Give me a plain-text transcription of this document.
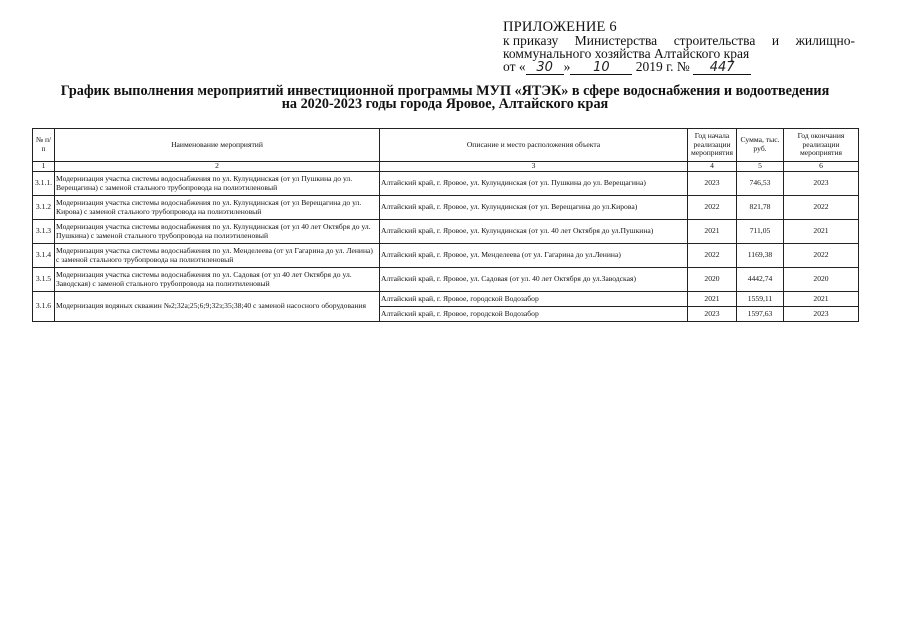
ПРИЛОЖЕНИЕ 6
к приказу Министерства строительства и жилищно-
коммунального хозяйства Алтайского края
от « 30 » 10 2019 г. № 447
График выполнения мероприятий инвестиционной программы МУП «ЯТЭК» в сфере водоснабжения и водоотведения
на 2020-2023 годы города Яровое, Алтайского края
№ п/п	Наименование мероприятий	Описание и место расположения объекта	Год начала реализации мероприятия	Сумма, тыс. руб.	Год окончания реализации мероприятия
1	2	3	4	5	6
3.1.1.	Модернизация участка системы водоснабжения по ул. Кулундинская (от ул Пушкина до ул. Верещагина) с заменой стального трубопровода на полиэтиленовый	Алтайский край, г. Яровое, ул. Кулундинская (от ул. Пушкина до ул. Верещагина)	2023	746,53	2023
3.1.2	Модернизация участка системы водоснабжения по ул. Кулундинская (от ул Верещагина до ул. Кирова) с заменой стального трубопровода на полиэтиленовый	Алтайский край, г. Яровое, ул. Кулундинская (от ул. Верещагина до ул.Кирова)	2022	821,78	2022
3.1.3	Модернизация участка системы водоснабжения по ул. Кулундинская (от ул 40 лет Октября до ул. Пушкина) с заменой стального трубопровода на полиэтиленовый	Алтайский край, г. Яровое, ул. Кулундинская (от ул. 40 лет Октября до ул.Пушкина)	2021	711,05	2021
3.1.4	Модернизация участка системы водоснабжения по ул. Менделеева (от ул Гагарина до ул. Ленина) с заменой стального трубопровода на полиэтиленовый	Алтайский край, г. Яровое, ул. Менделеева (от ул. Гагарина до ул.Ленина)	2022	1169,38	2022
3.1.5	Модернизация участка системы водоснабжения по ул. Садовая (от ул 40 лет Октября до ул. Заводская) с заменой стального трубопровода на полиэтиленовый	Алтайский край, г. Яровое, ул. Садовая (от ул. 40 лет Октября до ул.Заводская)	2020	4442,74	2020
3.1.6	Модернизация водяных скважин №2;32а;25;6;9;32з;35;38;40 с заменой насосного оборудования	Алтайский край, г. Яровое, городской Водозабор	2021	1559,11	2021
		Алтайский край, г. Яровое, городской Водозабор	2023	1597,63	2023
